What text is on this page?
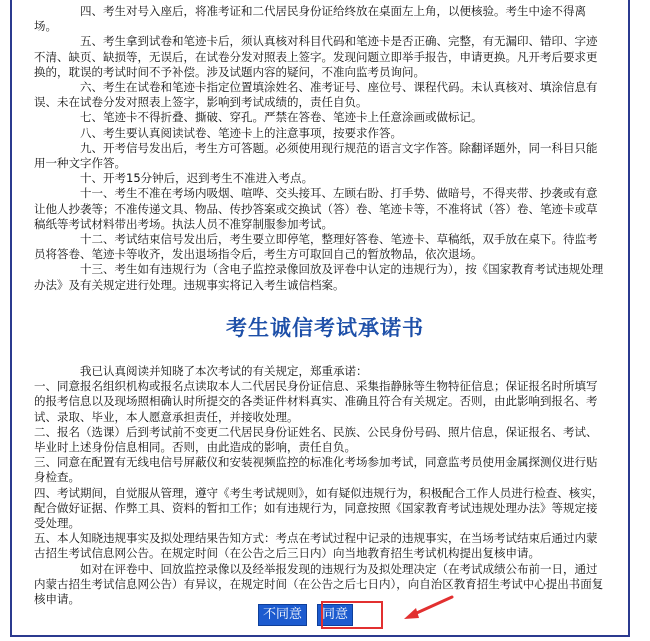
四、考生对号入座后，将准考证和二代居民身份证给终放在桌面左上角，以便核验。考生中途不得离场。

五、考生拿到试卷和笔迹卡后，须认真核对科目代码和笔迹卡是否正确、完整，有无漏印、错印、字迹不清、缺页、缺损等，无误后，在试卷分发对照表上签字。发现问题立即举手报告，申请更换。凡开考后要求更换的，耽误的考试时间不予补偿。涉及试题内容的疑问，不准向监考员询问。

六、考生在试卷和笔迹卡指定位置填涂姓名、准考证号、座位号、课程代码。未认真核对、填涂信息有误、未在试卷分发对照表上签字，影响到考试成绩的，责任自负。

七、笔迹卡不得折叠、撕破、穿孔。严禁在答卷、笔迹卡上任意涂画或做标记。

八、考生要认真阅读试卷、笔迹卡上的注意事项，按要求作答。

九、开考信号发出后，考生方可答题。必须使用现行规范的语言文字作答。除翻译题外，同一科目只能用一种文字作答。

十、开考15分钟后，迟到考生不准进入考点。

十一、考生不准在考场内吸烟、喧哗、交头接耳、左顾右盼、打手势、做暗号，不得夹带、抄袭或有意让他人抄袭等；不准传递文具、物品、传抄答案或交换试（答）卷、笔迹卡等，不准将试（答）卷、笔迹卡或草稿纸等考试材料带出考场。执法人员不准穿制服参加考试。

十二、考试结束信号发出后，考生要立即停笔，整理好答卷、笔迹卡、草稿纸，双手放在桌下。待监考员将答卷、笔迹卡等收齐，发出退场指令后，考生方可取回自己的暂放物品，依次退场。

十三、考生如有违规行为（含电子监控录像回放及评卷中认定的违规行为），按《国家教育考试违规处理办法》及有关规定进行处理。违规事实将记入考生诚信档案。

考生诚信考试承诺书

我已认真阅读并知晓了本次考试的有关规定，郑重承诺：

一、同意报名组织机构或报名点读取本人二代居民身份证信息、采集指静脉等生物特征信息；保证报名时所填写的报考信息以及现场照相确认时所提交的各类证件材料真实、准确且符合有关规定。否则，由此影响到报名、考试、录取、毕业，本人愿意承担责任，并接收处理。

二、报名（选课）后到考试前不变更二代居民身份证姓名、民族、公民身份号码、照片信息，保证报名、考试、毕业时上述身份信息相同。否则，由此造成的影响，责任自负。

三、同意在配置有无线电信号屏蔽仪和安装视频监控的标准化考场参加考试，同意监考员使用金属探测仪进行贴身检查。

四、考试期间，自觉服从管理，遵守《考生考试规则》，如有疑似违规行为，积极配合工作人员进行检查、核实，配合做好证据、作弊工具、资料的暂扣工作；如有违规行为，同意按照《国家教育考试违规处理办法》等规定接受处理。

五、本人知晓违规事实及拟处理结果告知方式：考点在考试过程中记录的违规事实，在当场考试结束后通过内蒙古招生考试信息网公告。在规定时间（在公告之后三日内）向当地教育招生考试机构提出复核申请。

如对在评卷中、回放监控录像以及经举报发现的违规行为及拟处理决定（在考试成绩公布前一日，通过内蒙古招生考试信息网公告）有异议，在规定时间（在公告之后七日内），向自治区教育招生考试中心提出书面复核申请。

不同意	同意
